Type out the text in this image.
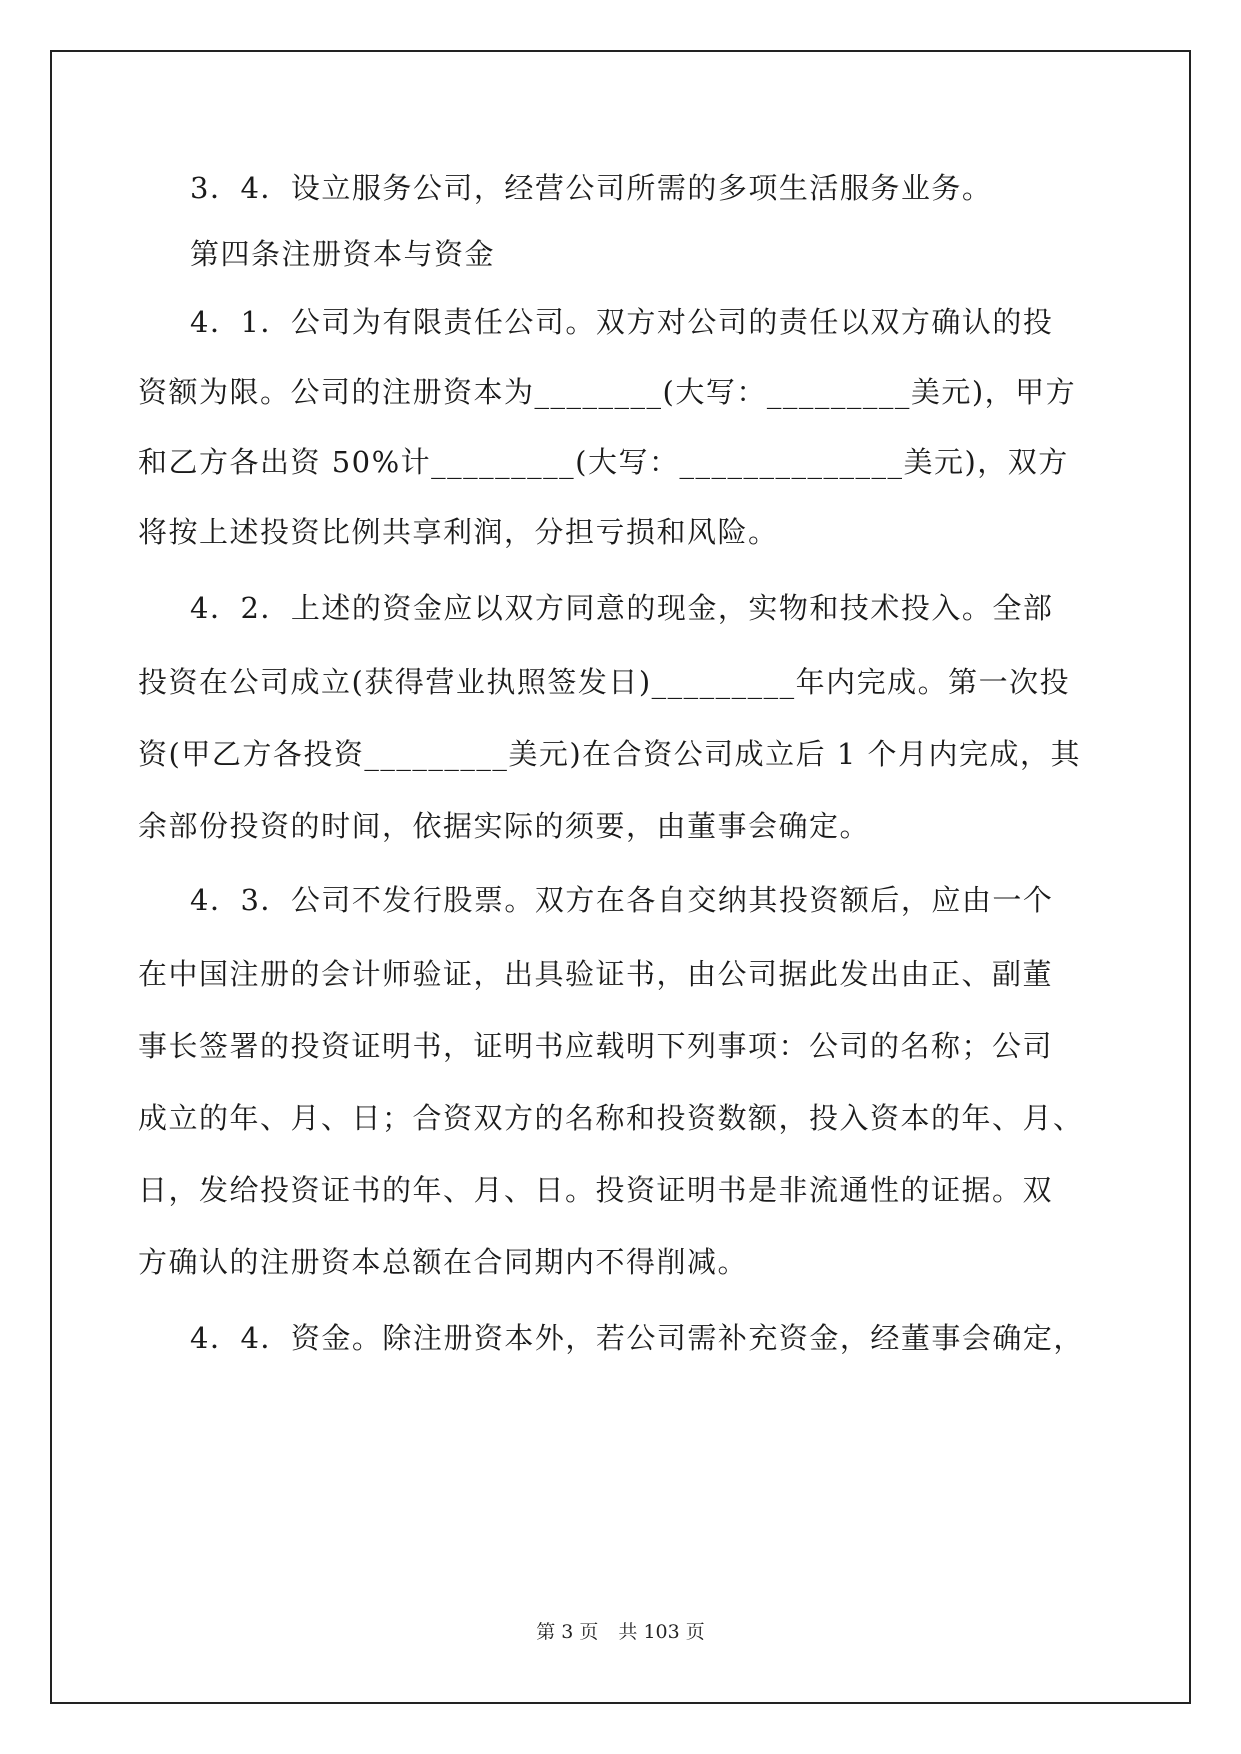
3．4．设立服务公司，经营公司所需的多项生活服务业务。

第四条注册资本与资金

4．1．公司为有限责任公司。双方对公司的责任以双方确认的投

资额为限。公司的注册资本为________(大写：_________美元)，甲方

和乙方各出资 50%计_________(大写：______________美元)，双方

将按上述投资比例共享利润，分担亏损和风险。

4．2．上述的资金应以双方同意的现金，实物和技术投入。全部

投资在公司成立(获得营业执照签发日)_________年内完成。第一次投

资(甲乙方各投资_________美元)在合资公司成立后 1 个月内完成，其

余部份投资的时间，依据实际的须要，由董事会确定。

4．3．公司不发行股票。双方在各自交纳其投资额后，应由一个

在中国注册的会计师验证，出具验证书，由公司据此发出由正、副董

事长签署的投资证明书，证明书应载明下列事项：公司的名称；公司

成立的年、月、日；合资双方的名称和投资数额，投入资本的年、月、

日，发给投资证书的年、月、日。投资证明书是非流通性的证据。双

方确认的注册资本总额在合同期内不得削减。

4．4．资金。除注册资本外，若公司需补充资金，经董事会确定，

第 3 页 共 103 页
